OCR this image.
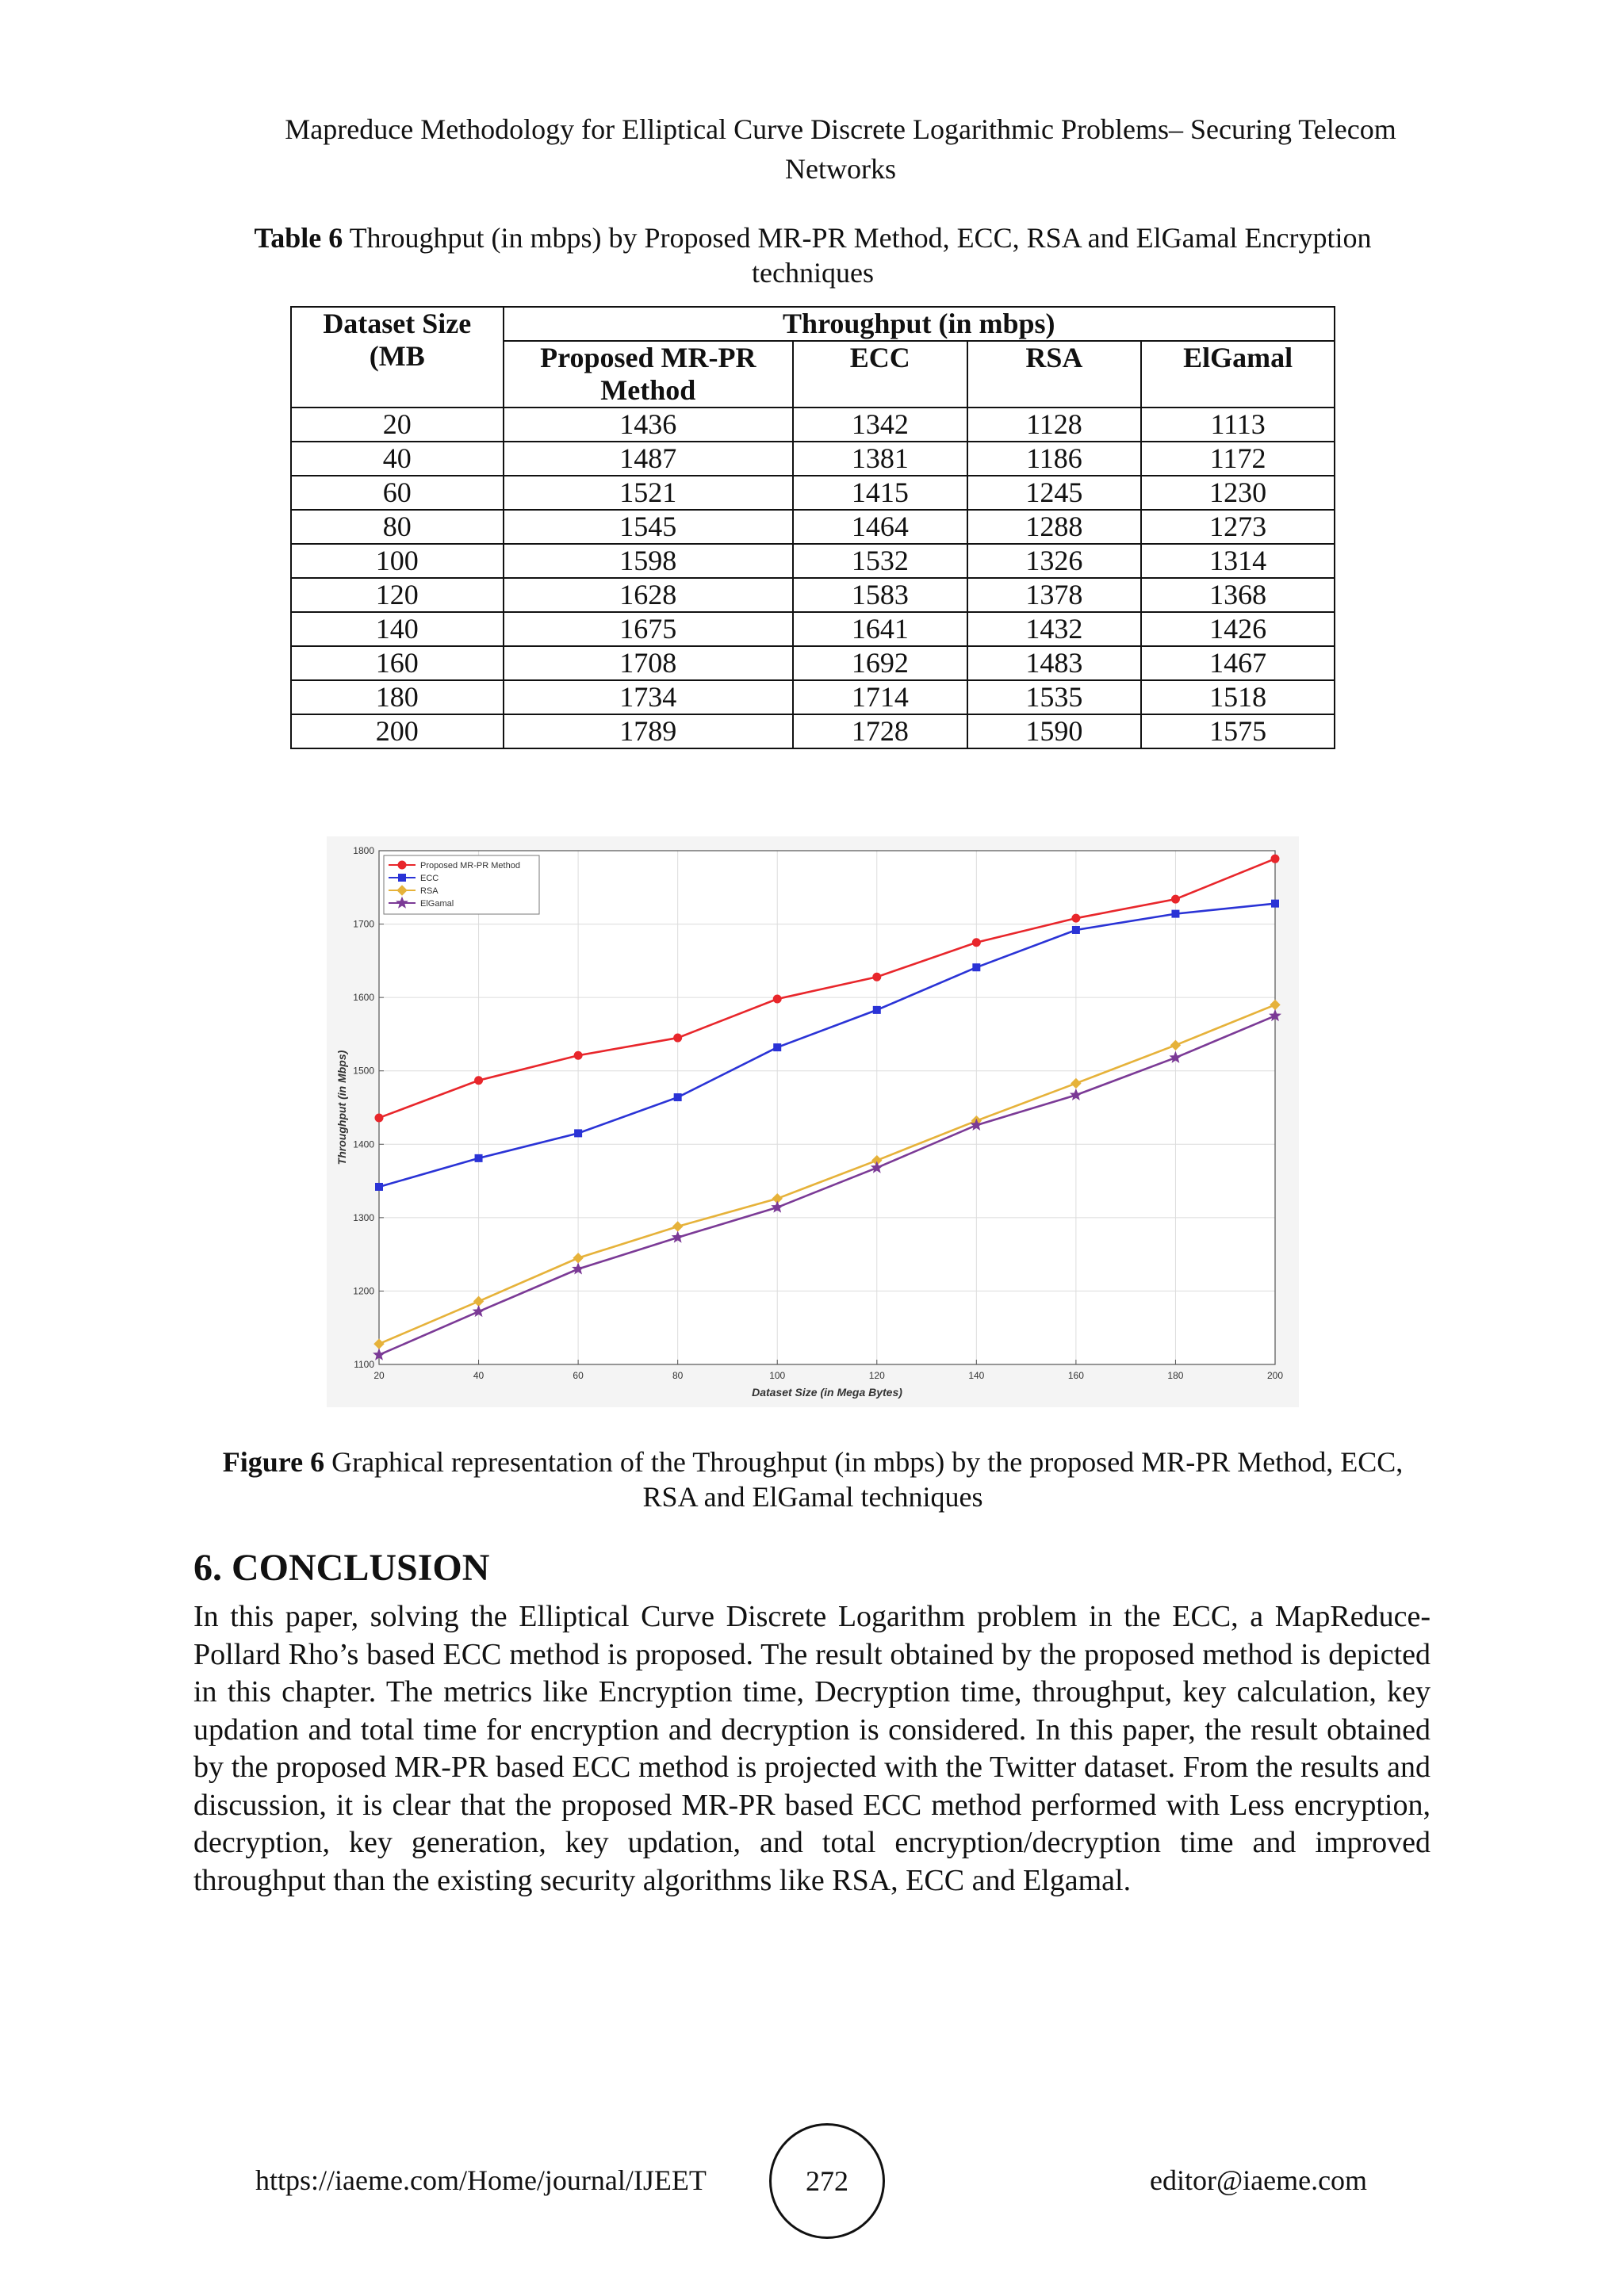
Mapreduce Methodology for Elliptical Curve Discrete Logarithmic Problems– Securing Telecom Networks
Table 6 Throughput (in mbps) by Proposed MR-PR Method, ECC, RSA and ElGamal Encryption techniques
Dataset Size (MB	Throughput (in mbps)			
	Proposed MR-PR Method	ECC	RSA	ElGamal
20	1436	1342	1128	1113
40	1487	1381	1186	1172
60	1521	1415	1245	1230
80	1545	1464	1288	1273
100	1598	1532	1326	1314
120	1628	1583	1378	1368
140	1675	1641	1432	1426
160	1708	1692	1483	1467
180	1734	1714	1535	1518
200	1789	1728	1590	1575
20	40	60	80	100	120	140	160	180	200
1100
1200
1300
1400
1500
1600
1700
1800
Dataset Size (in Mega Bytes)
Throughput (in Mbps)
Proposed MR-PR Method
ECC
RSA
ElGamal
Figure 6 Graphical representation of the Throughput (in mbps) by the proposed MR-PR Method, ECC, RSA and ElGamal techniques
6. CONCLUSION

In this paper, solving the Elliptical Curve Discrete Logarithm problem in the ECC, a MapReduce-Pollard Rho’s based ECC method is proposed. The result obtained by the proposed method is depicted in this chapter. The metrics like Encryption time, Decryption time, throughput, key calculation, key updation and total time for encryption and decryption is considered. In this paper, the result obtained by the proposed MR-PR based ECC method is projected with the Twitter dataset. From the results and discussion, it is clear that the proposed MR-PR based ECC method performed with Less encryption, decryption, key generation, key updation, and total encryption/decryption time and improved throughput than the existing security algorithms like RSA, ECC and Elgamal.

https://iaeme.com/Home/journal/IJEET	272	editor@iaeme.com
